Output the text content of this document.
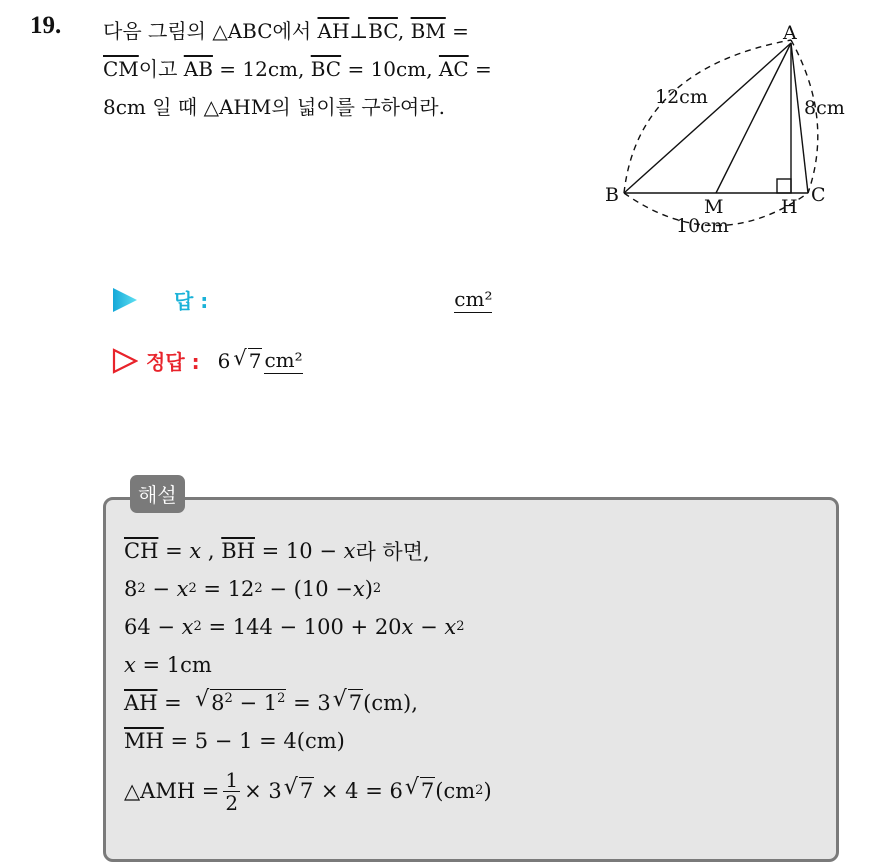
19. 다음 그림의 △ABC에서 $\overline{AH}\perp\overline{BC}$, $\overline{BM}$ =
$\overline{CM}$이고 $\overline{AB} = 12cm$, $\overline{BC} = 10cm$, $\overline{AC}$ =
8cm 일 때 △AHM의 넓이를 구하여라.
A
B	C
M	H
12cm	8cm
10cm
답 :	cm²
정답 : 6 √ 7 cm²
해설
$\overline{CH} = x$ , $\overline{BH} = 10 - x$ 라 하면,
8 2 − x 2 = 12 2 − (10 − x ) 2
64 − x 2 = 144 − 100 + 20 x − x 2
x = 1cm
$\overline{AH}$ = √ $8^2 - 1^2 = 3$ √ 7 (cm),
$\overline{MH} = 5 - 1 = 4(cm)$
△AMH = $\frac{1}{2} \times 3$ √ 7 × 4 = 6 √ 7 (cm 2 )
